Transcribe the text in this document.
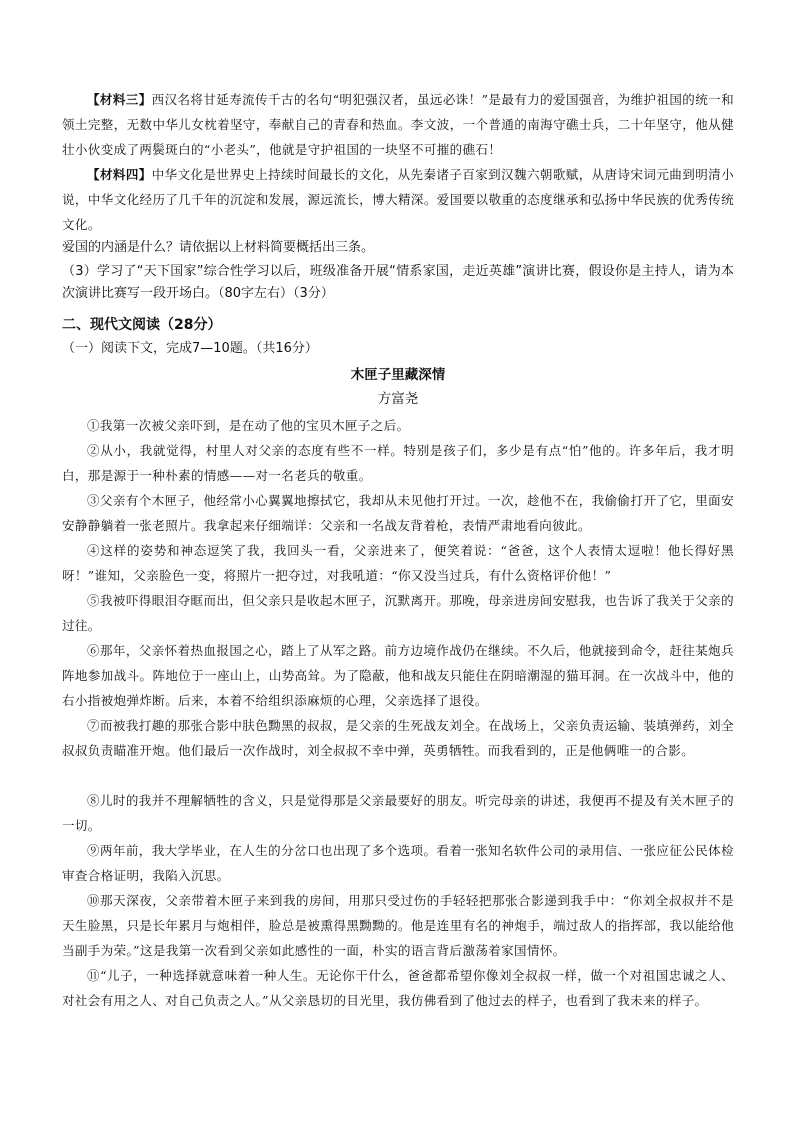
【材料三】西汉名将甘延寿流传千古的名句“明犯强汉者，虽远必诛！”是最有力的爱国强音，为维护祖国的统一和领土完整，无数中华儿女枕着坚守，奉献自己的青春和热血。李文波，一个普通的南海守礁士兵，二十年坚守，他从健壮小伙变成了两鬓斑白的“小老头”，他就是守护祖国的一块坚不可摧的礁石！

【材料四】中华文化是世界史上持续时间最长的文化，从先秦诸子百家到汉魏六朝歌赋，从唐诗宋词元曲到明清小说，中华文化经历了几千年的沉淀和发展，源远流长，博大精深。爱国要以敬重的态度继承和弘扬中华民族的优秀传统文化。

爱国的内涵是什么？请依据以上材料简要概括出三条。

（3）学习了“天下国家”综合性学习以后，班级准备开展“情系家国，走近英雄”演讲比赛，假设你是主持人，请为本次演讲比赛写一段开场白。（80字左右）（3分）

二、现代文阅读（28分）

（一）阅读下文，完成7—10题。（共16分）

木匣子里藏深情

方富尧

①我第一次被父亲吓到，是在动了他的宝贝木匣子之后。

②从小，我就觉得，村里人对父亲的态度有些不一样。特别是孩子们，多少是有点“怕”他的。许多年后，我才明白，那是源于一种朴素的情感——对一名老兵的敬重。

③父亲有个木匣子，他经常小心翼翼地擦拭它，我却从未见他打开过。一次，趁他不在，我偷偷打开了它，里面安安静静躺着一张老照片。我拿起来仔细端详：父亲和一名战友背着枪，表情严肃地看向彼此。

④这样的姿势和神态逗笑了我，我回头一看，父亲进来了，便笑着说：“爸爸，这个人表情太逗啦！他长得好黑呀！”谁知，父亲脸色一变，将照片一把夺过，对我吼道：“你又没当过兵，有什么资格评价他！”

⑤我被吓得眼泪夺眶而出，但父亲只是收起木匣子，沉默离开。那晚，母亲进房间安慰我，也告诉了我关于父亲的过往。

⑥那年，父亲怀着热血报国之心，踏上了从军之路。前方边境作战仍在继续。不久后，他就接到命令，赶往某炮兵阵地参加战斗。阵地位于一座山上，山势高耸。为了隐蔽，他和战友只能住在阴暗潮湿的猫耳洞。在一次战斗中，他的右小指被炮弹炸断。后来，本着不给组织添麻烦的心理，父亲选择了退役。

⑦而被我打趣的那张合影中肤色黝黑的叔叔，是父亲的生死战友刘全。在战场上，父亲负责运输、装填弹药，刘全叔叔负责瞄准开炮。他们最后一次作战时，刘全叔叔不幸中弹，英勇牺牲。而我看到的，正是他俩唯一的合影。

⑧儿时的我并不理解牺牲的含义，只是觉得那是父亲最要好的朋友。听完母亲的讲述，我便再不提及有关木匣子的一切。

⑨两年前，我大学毕业，在人生的分岔口也出现了多个选项。看着一张知名软件公司的录用信、一张应征公民体检审查合格证明，我陷入沉思。

⑩那天深夜，父亲带着木匣子来到我的房间，用那只受过伤的手轻轻把那张合影递到我手中：“你刘全叔叔并不是天生脸黑，只是长年累月与炮相伴，脸总是被熏得黑黝黝的。他是连里有名的神炮手，端过敌人的指挥部，我以能给他当副手为荣。”这是我第一次看到父亲如此感性的一面，朴实的语言背后激荡着家国情怀。

⑪“儿子，一种选择就意味着一种人生。无论你干什么，爸爸都希望你像刘全叔叔一样，做一个对祖国忠诚之人、对社会有用之人、对自己负责之人。”从父亲恳切的目光里，我仿佛看到了他过去的样子，也看到了我未来的样子。
